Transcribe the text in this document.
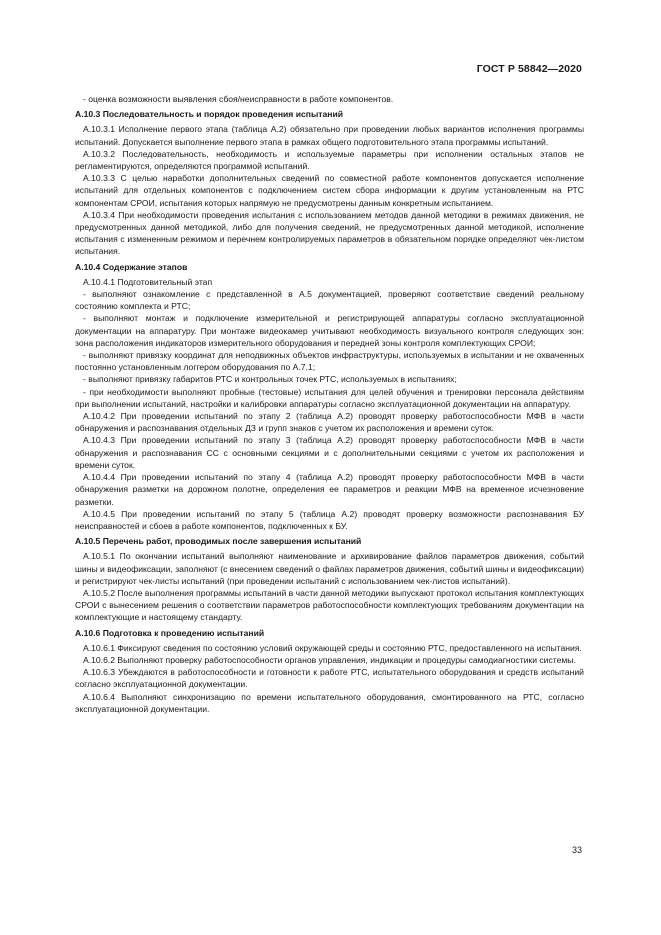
ГОСТ Р 58842—2020

- оценка возможности выявления сбоя/неисправности в работе компонентов.

А.10.3 Последовательность и порядок проведения испытаний

А.10.3.1 Исполнение первого этапа (таблица А.2) обязательно при проведении любых вариантов исполнения программы испытаний. Допускается выполнение первого этапа в рамках общего подготовительного этапа программы испытаний.

А.10.3.2 Последовательность, необходимость и используемые параметры при исполнении остальных этапов не регламентируются, определяются программой испытаний.

А.10.3.3 С целью наработки дополнительных сведений по совместной работе компонентов допускается исполнение испытаний для отдельных компонентов с подключением систем сбора информации к другим установленным на РТС компонентам СРОИ, испытания которых напрямую не предусмотрены данным конкретным испытанием.

А.10.3.4 При необходимости проведения испытания с использованием методов данной методики в режимах движения, не предусмотренных данной методикой, либо для получения сведений, не предусмотренных данной методикой, исполнение испытания с измененным режимом и перечнем контролируемых параметров в обязательном порядке определяют чек-листом испытания.

А.10.4 Содержание этапов

А.10.4.1 Подготовительный этап

- выполняют ознакомление с представленной в А.5 документацией, проверяют соответствие сведений реальному состоянию комплекта и РТС;

- выполняют монтаж и подключение измерительной и регистрирующей аппаратуры согласно эксплуатационной документации на аппаратуру. При монтаже видеокамер учитывают необходимость визуального контроля следующих зон: зона расположения индикаторов измерительного оборудования и передней зоны контроля комплектующих СРОИ;

- выполняют привязку координат для неподвижных объектов инфраструктуры, используемых в испытании и не охваченных постоянно установленным логгером оборудования по А.7.1;

- выполняют привязку габаритов РТС и контрольных точек РТС, используемых в испытаниях;

- при необходимости выполняют пробные (тестовые) испытания для целей обучения и тренировки персонала действиям при выполнении испытаний, настройки и калибровки аппаратуры согласно эксплуатационной документации на аппаратуру.

А.10.4.2 При проведении испытаний по этапу 2 (таблица А.2) проводят проверку работоспособности МФВ в части обнаружения и распознавания отдельных ДЗ и групп знаков с учетом их расположения и времени суток.

А.10.4.3 При проведении испытаний по этапу 3 (таблица А.2) проводят проверку работоспособности МФВ в части обнаружения и распознавания СС с основными секциями и с дополнительными секциями с учетом их расположения и времени суток.

А.10.4.4 При проведении испытаний по этапу 4 (таблица А.2) проводят проверку работоспособности МФВ в части обнаружения разметки на дорожном полотне, определения ее параметров и реакции МФВ на временное исчезновение разметки.

А.10.4.5 При проведении испытаний по этапу 5 (таблица А.2) проводят проверку возможности распознавания БУ неисправностей и сбоев в работе компонентов, подключенных к БУ.

А.10.5 Перечень работ, проводимых после завершения испытаний

А.10.5.1 По окончании испытаний выполняют наименование и архивирование файлов параметров движения, событий шины и видеофиксации, заполняют (с внесением сведений о файлах параметров движения, событий шины и видеофиксации) и регистрируют чек-листы испытаний (при проведении испытаний с использованием чек-листов испытаний).

А.10.5.2 После выполнения программы испытаний в части данной методики выпускают протокол испытания комплектующих СРОИ с вынесением решения о соответствии параметров работоспособности комплектующих требованиям документации на комплектующие и настоящему стандарту.

А.10.6 Подготовка к проведению испытаний

А.10.6.1 Фиксируют сведения по состоянию условий окружающей среды и состоянию РТС, предоставленного на испытания.

А.10.6.2 Выполняют проверку работоспособности органов управления, индикации и процедуры самодиагностики системы.

А.10.6.3 Убеждаются в работоспособности и готовности к работе РТС, испытательного оборудования и средств испытаний согласно эксплуатационной документации.

А.10.6.4 Выполняют синхронизацию по времени испытательного оборудования, смонтированного на РТС, согласно эксплуатационной документации.

33
